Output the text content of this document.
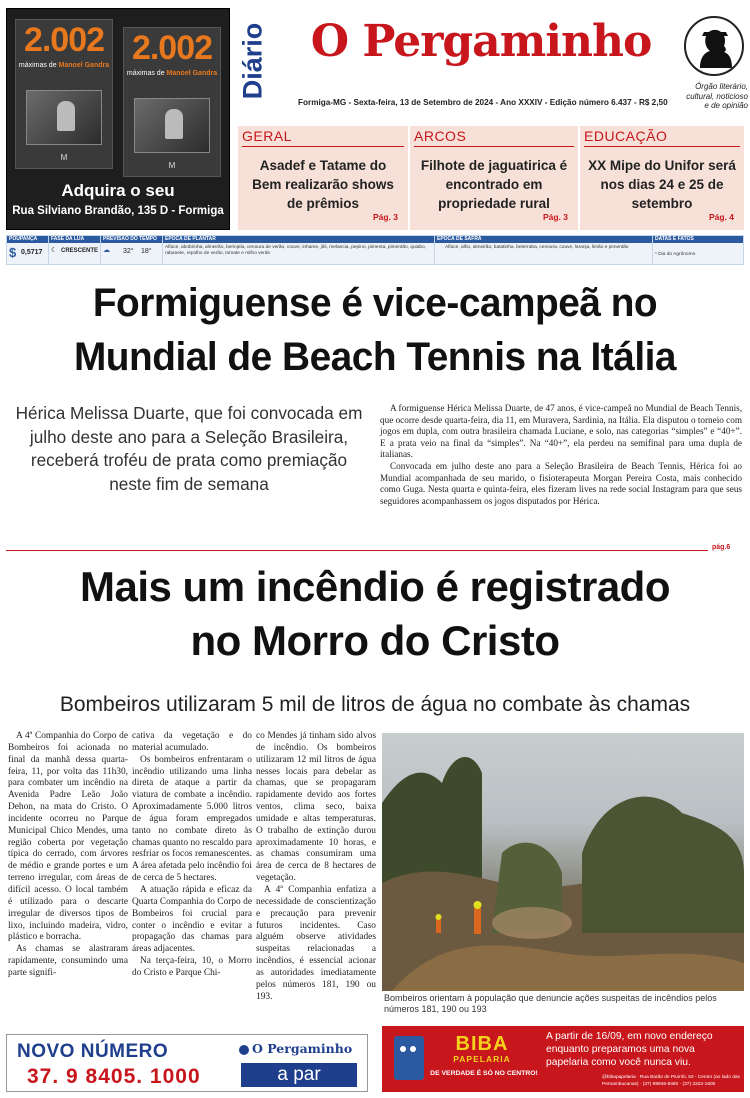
2.002
máximas de Manoel Gandra
M
2.002
máximas de Manoel Gandra
M
Adquira o seu
Rua Silviano Brandão, 135 D - Formiga
Diário O Pergaminho
Formiga-MG - Sexta-feira, 13 de Setembro de 2024 - Ano XXXIV - Edição número 6.437 - R$ 2,50
Órgão literário,
cultural, noticioso
e de opinião
GERAL
Asadef e Tatame do Bem realizarão shows de prêmios
Pág. 3
ARCOS
Filhote de jaguatirica é encontrado em propriedade rural
Pág. 3
EDUCAÇÃO
XX Mipe do Unifor será nos dias 24 e 25 de setembro
Pág. 4
POUPANÇA
$ 0,5717
FASE DA LUA
☾ CRESCENTE
PREVISÃO DO TEMPO
☁ 32° 18°
ÉPOCA DE PLANTAR
Alface, abobrinha, almeirão, berinjela, cenoura de verão, couve, inhame, jiló, melancia, pepino, pimenta, pimentão, quiabo, rabanete, repolho de verão, tomate e milho verde
ÉPOCA DE SAFRA
Alface, alho, almeirão, batatinha, beterraba, cenoura, couve, laranja, limão e pimentão
DATAS E FATOS
* Dia do Agrônomo
Formiguense é vice-campeã no
Mundial de Beach Tennis na Itália
Hérica Melissa Duarte, que foi convocada em julho deste ano para a Seleção Brasileira, receberá troféu de prata como premiação neste fim de semana

A formiguense Hérica Melissa Duarte, de 47 anos, é vice-campeã no Mundial de Beach Tennis, que ocorre desde quarta-feira, dia 11, em Muravera, Sardinia, na Itália. Ela disputou o torneio com jogos em dupla, com outra brasileira chamada Luciane, e solo, nas categorias “simples” e “40+”. E a prata veio na final da “simples”. Na “40+”, ela perdeu na semifinal para uma dupla de italianas.

Convocada em julho deste ano para a Seleção Brasileira de Beach Tennis, Hérica foi ao Mundial acompanhada de seu marido, o fisioterapeuta Morgan Pereira Costa, mais conhecido como Guga. Nesta quarta e quinta-feira, eles fizeram lives na rede social Instagram para que seus seguidores acompanhassem os jogos disputados por Hérica.

pág.6
Mais um incêndio é registrado
no Morro do Cristo
Bombeiros utilizaram 5 mil de litros de água no combate às chamas

A 4ª Companhia do Corpo de Bombeiros foi acionada no final da manhã dessa quarta-feira, 11, por volta das 11h30, para combater um incêndio na Avenida Padre Leão João Dehon, na mata do Cristo. O incidente ocorreu no Parque Municipal Chico Mendes, uma região coberta por vegetação típica do cerrado, com árvores de médio e grande portes e um terreno irregular, com áreas de difícil acesso. O local também é utilizado para o descarte irregular de diversos tipos de lixo, incluindo madeira, vidro, plástico e borracha.

As chamas se alastraram rapidamente, consumindo uma parte signifi-

cativa da vegetação e do material acumulado.

Os bombeiros enfrentaram o incêndio utilizando uma linha direta de ataque a partir da viatura de combate a incêndio. Aproximadamente 5.000 litros de água foram empregados tanto no combate direto às chamas quanto no rescaldo para resfriar os focos remanescentes. A área afetada pelo incêndio foi de cerca de 5 hectares.

A atuação rápida e eficaz da Quarta Companhia do Corpo de Bombeiros foi crucial para conter o incêndio e evitar a propagação das chamas para áreas adjacentes.

Na terça-feira, 10, o Morro do Cristo e Parque Chi-

co Mendes já tinham sido alvos de incêndio. Os bombeiros utilizaram 12 mil litros de água nesses locais para debelar as chamas, que se propagaram rapidamente devido aos fortes ventos, clima seco, baixa umidade e altas temperaturas. O trabalho de extinção durou aproximadamente 10 horas, e as chamas consumiram uma área de cerca de 8 hectares de vegetação.

A 4ª Companhia enfatiza a necessidade de conscientização e precaução para prevenir futuros incidentes. Caso alguém observe atividades suspeitas relacionadas a incêndios, é essencial acionar as autoridades imediatamente pelos números 181, 190 ou 193.	Bombeiros orientam à população que denuncie ações suspeitas de incêndios pelos números 181, 190 ou 193
NOVO NÚMERO
37. 9 8405. 1000
O Pergaminho
a par
BIBA
PAPELARIA
DE VERDADE É SÓ NO CENTRO!
A partir de 16/09, em novo endereço enquanto preparamos uma nova papelaria como você nunca viu.
@bibapapelaria · Rua Barão de Piumhi, 53 - Centro (ao lado das Pernambucanas) · (37) 98846-8480 · (37) 3322-1600
